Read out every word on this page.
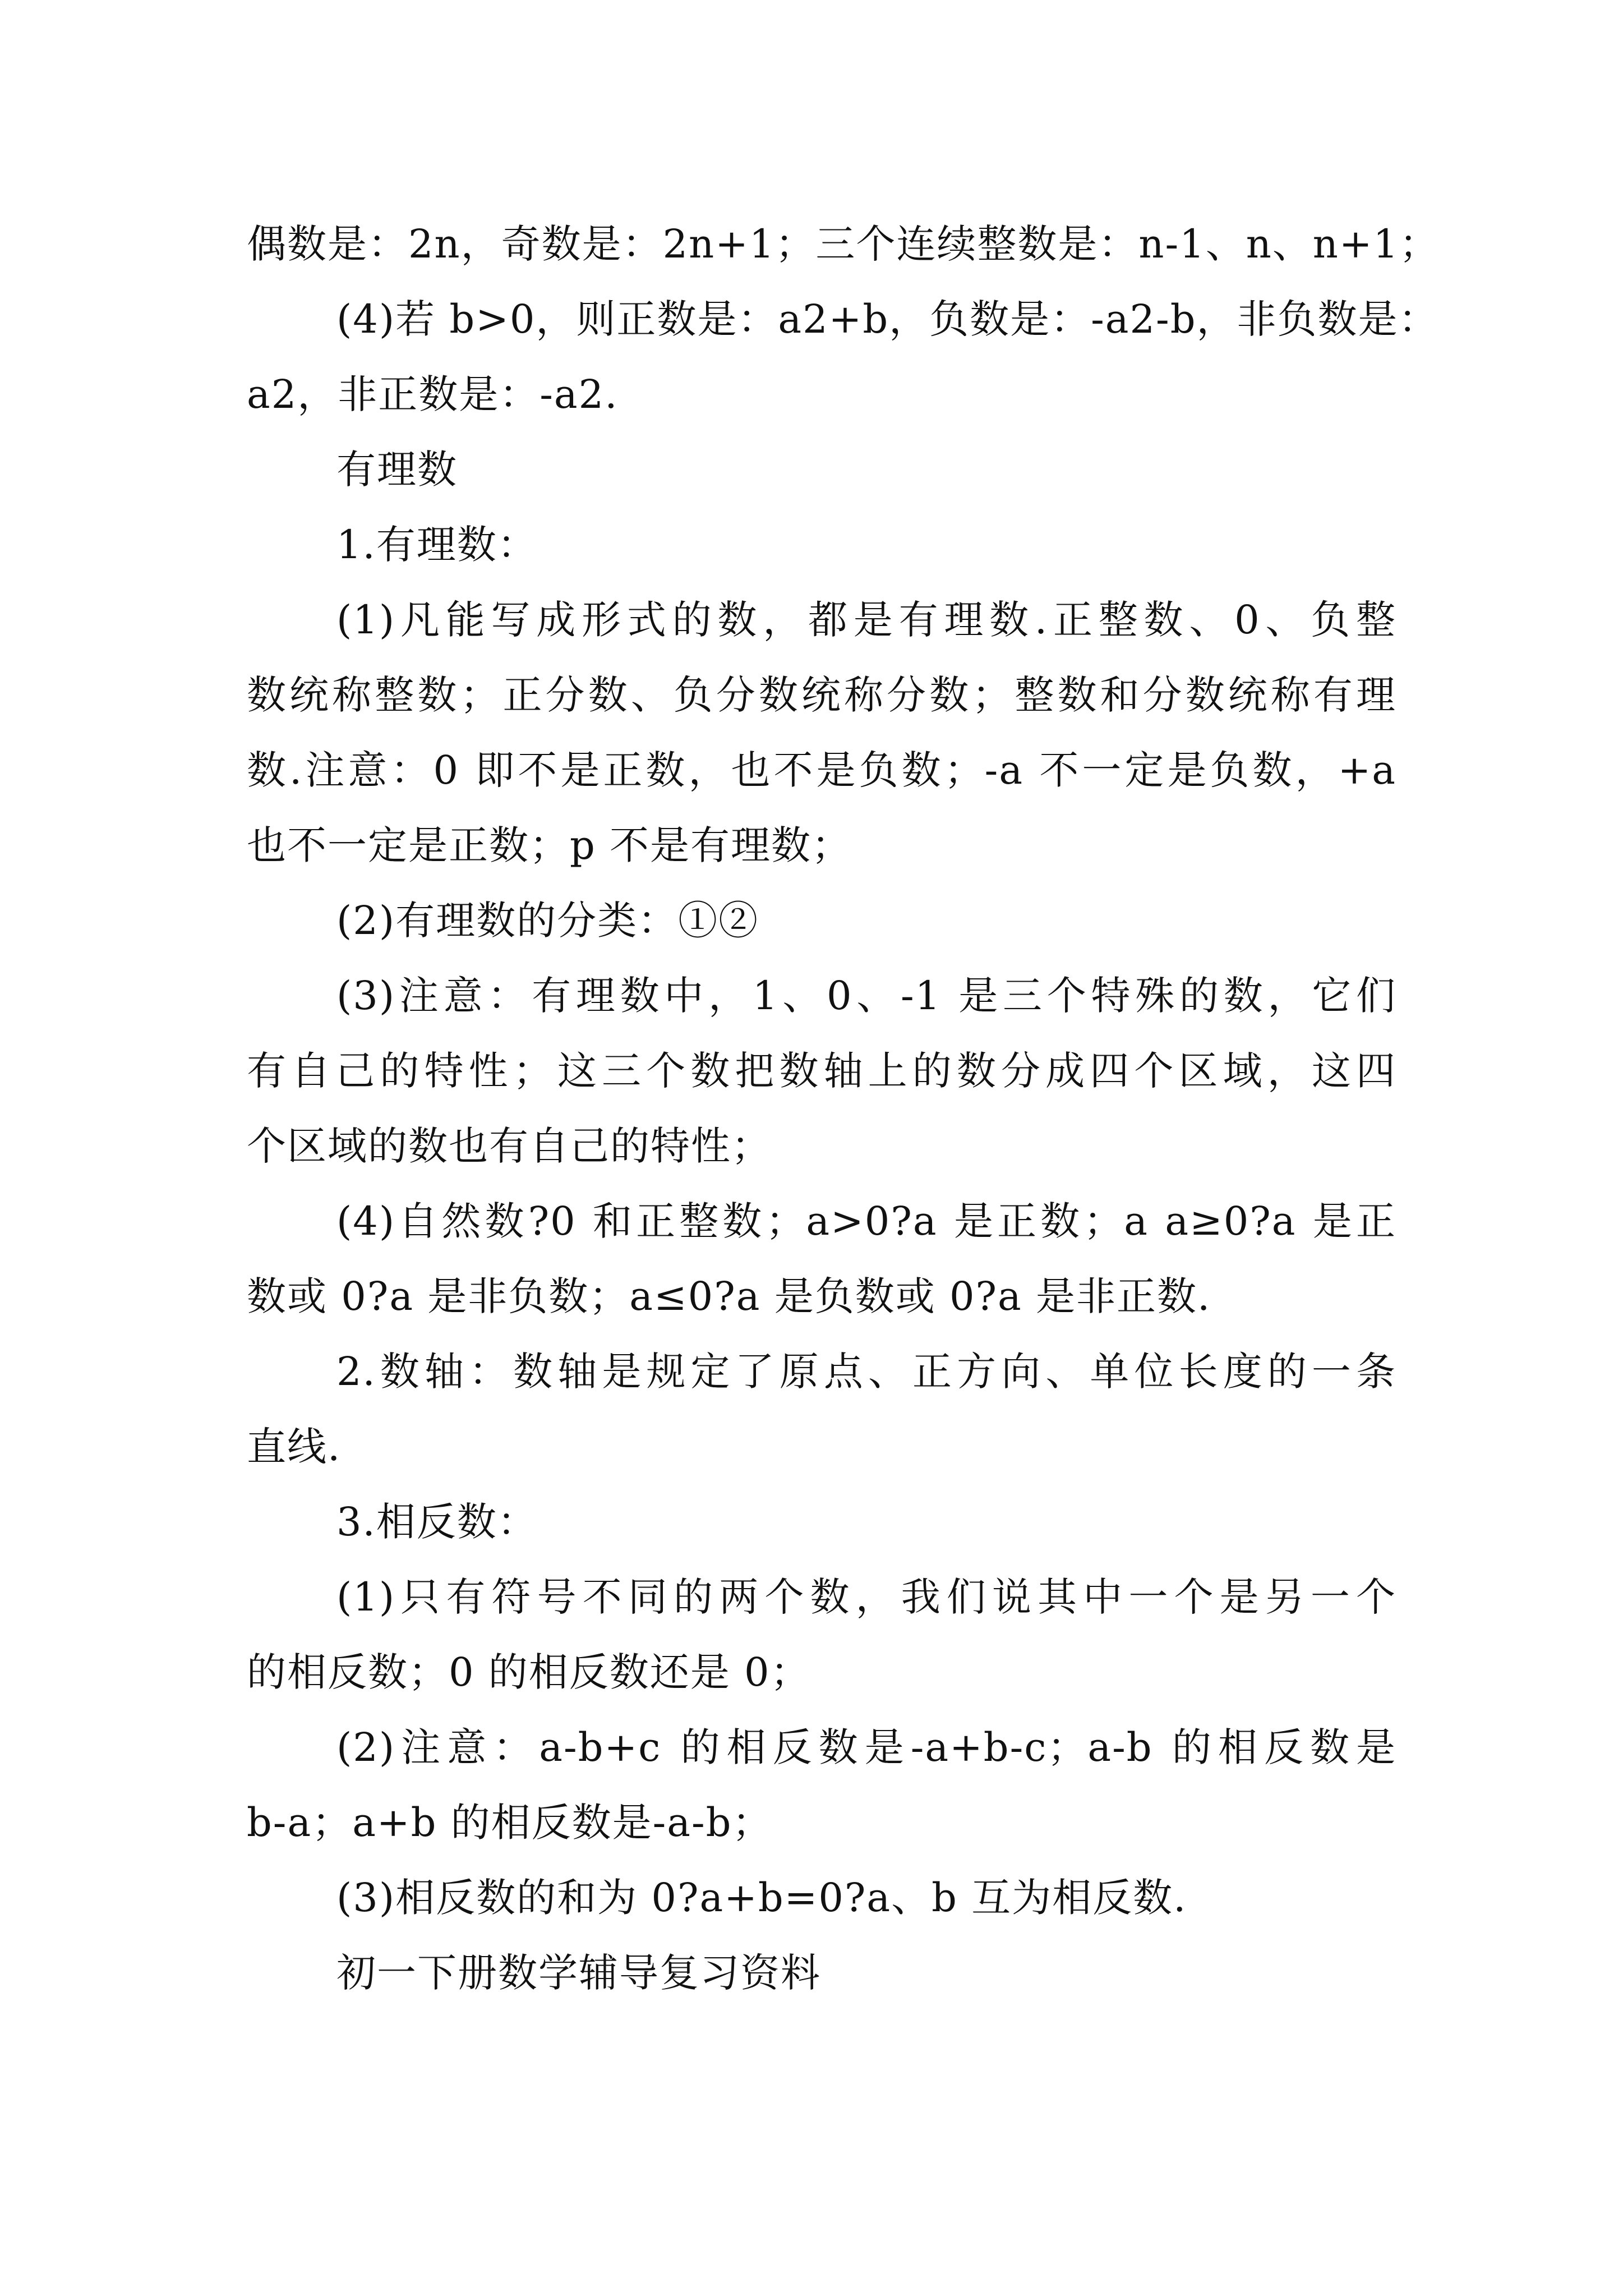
偶数是：2n，奇数是：2n+1；三个连续整数是：n-1、n、n+1；
(4)若 b>0，则正数是：a2+b，负数是：-a2-b，非负数是：
a2，非正数是：-a2.
有理数
1.有理数：
(1)凡能写成形式的数，都是有理数.正整数、0、负整
数统称整数；正分数、负分数统称分数；整数和分数统称有理
数.注意：0 即不是正数，也不是负数；-a 不一定是负数，+a
也不一定是正数；p 不是有理数；
(2)有理数的分类：①②
(3)注意：有理数中，1、0、-1 是三个特殊的数，它们
有自己的特性；这三个数把数轴上的数分成四个区域，这四
个区域的数也有自己的特性；
(4)自然数?0 和正整数；a>0?a 是正数；a a≥0?a 是正
数或 0?a 是非负数；a≤0?a 是负数或 0?a 是非正数.
2.数轴：数轴是规定了原点、正方向、单位长度的一条
直线.
3.相反数：
(1)只有符号不同的两个数，我们说其中一个是另一个
的相反数；0 的相反数还是 0；
(2)注意：a-b+c 的相反数是-a+b-c；a-b 的相反数是
b-a；a+b 的相反数是-a-b；
(3)相反数的和为 0?a+b=0?a、b 互为相反数.
初一下册数学辅导复习资料
